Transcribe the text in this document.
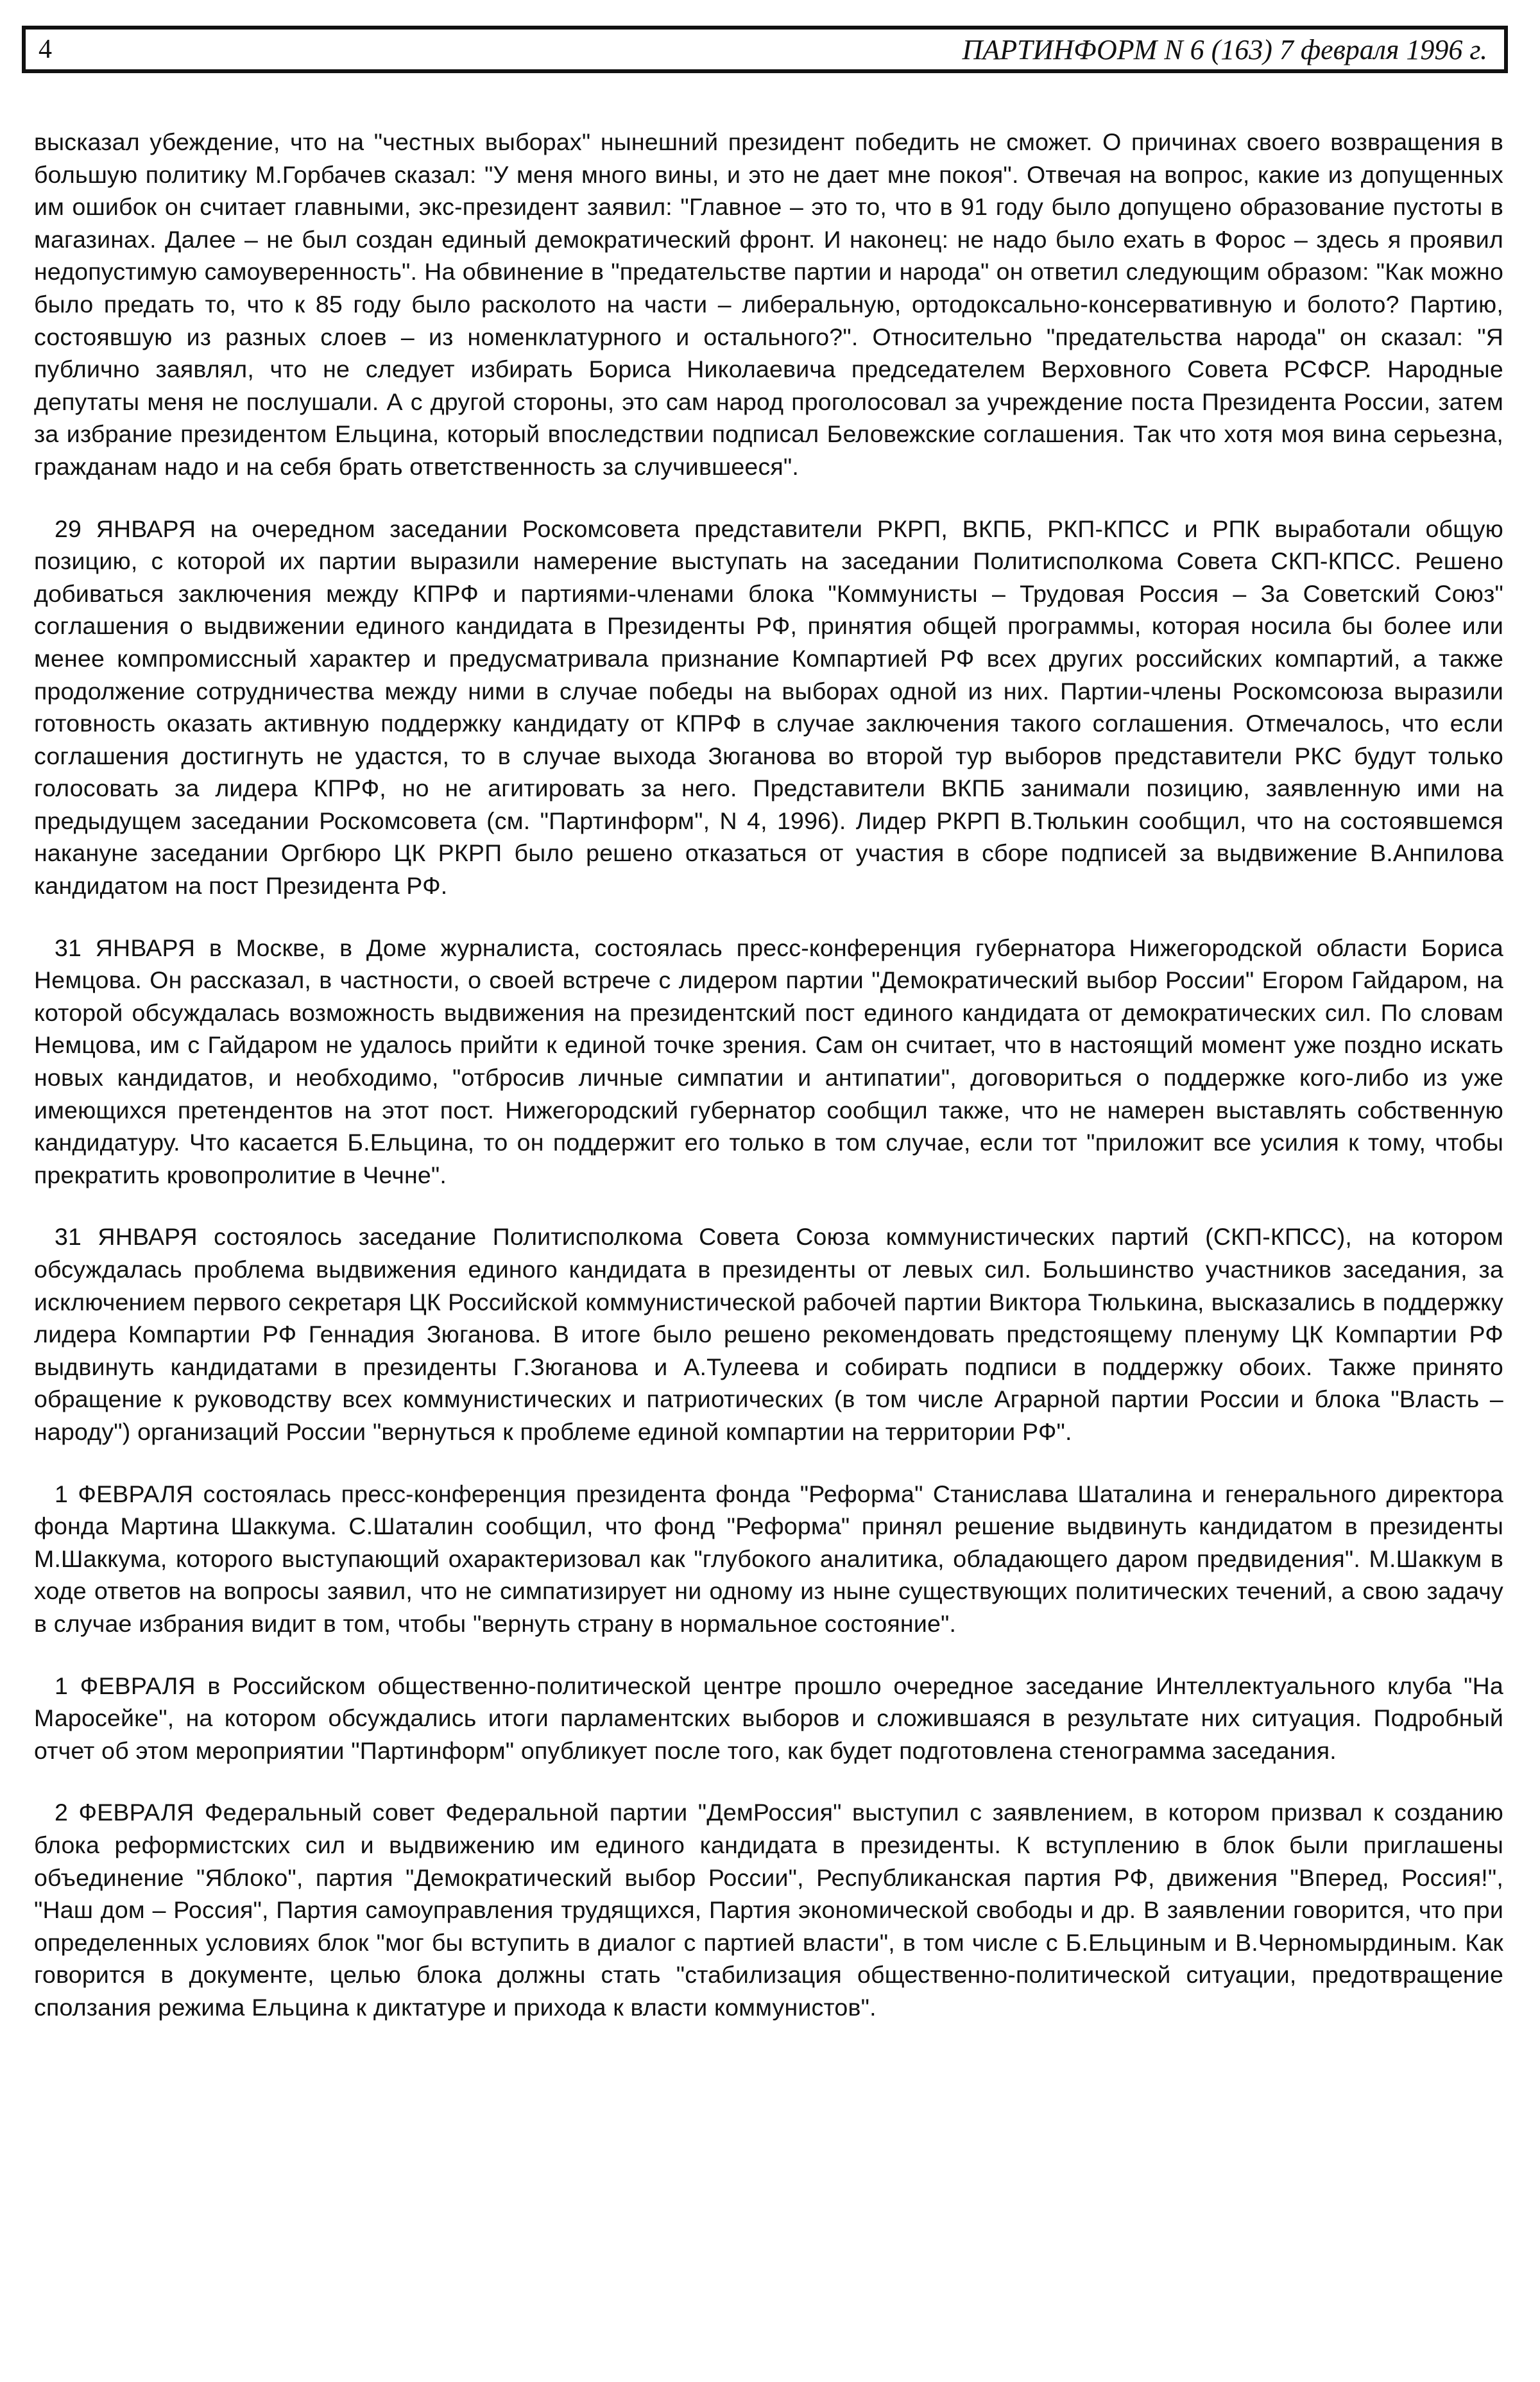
4	ПАРТИНФОРМ N 6 (163) 7 февраля 1996 г.

высказал убеждение, что на "честных выборах" нынешний президент победить не сможет. О причинах своего возвращения в большую политику М.Горбачев сказал: "У меня много вины, и это не дает мне покоя". Отвечая на вопрос, какие из допущенных им ошибок он считает главными, экс-президент заявил: "Главное – это то, что в 91 году было допущено образование пустоты в магазинах. Далее – не был создан единый демократический фронт. И наконец: не надо было ехать в Форос – здесь я проявил недопустимую самоуверенность". На обвинение в "предательстве партии и народа" он ответил следующим образом: "Как можно было предать то, что к 85 году было расколото на части – либеральную, ортодоксально-консервативную и болото? Партию, состоявшую из разных слоев – из номенклатурного и остального?". Относительно "предательства народа" он сказал: "Я публично заявлял, что не следует избирать Бориса Николаевича председателем Верховного Совета РСФСР. Народные депутаты меня не послушали. А с другой стороны, это сам народ проголосовал за учреждение поста Президента России, затем за избрание президентом Ельцина, который впоследствии подписал Беловежские соглашения. Так что хотя моя вина серьезна, гражданам надо и на себя брать ответственность за случившееся".

29 ЯНВАРЯ на очередном заседании Роскомсовета представители РКРП, ВКПБ, РКП-КПСС и РПК выработали общую позицию, с которой их партии выразили намерение выступать на заседании Политисполкома Совета СКП-КПСС. Решено добиваться заключения между КПРФ и партиями-членами блока "Коммунисты – Трудовая Россия – За Советский Союз" соглашения о выдвижении единого кандидата в Президенты РФ, принятия общей программы, которая носила бы более или менее компромиссный характер и предусматривала признание Компартией РФ всех других российских компартий, а также продолжение сотрудничества между ними в случае победы на выборах одной из них. Партии-члены Роскомсоюза выразили готовность оказать активную поддержку кандидату от КПРФ в случае заключения такого соглашения. Отмечалось, что если соглашения достигнуть не удастся, то в случае выхода Зюганова во второй тур выборов представители РКС будут только голосовать за лидера КПРФ, но не агитировать за него. Представители ВКПБ занимали позицию, заявленную ими на предыдущем заседании Роскомсовета (см. "Партинформ", N 4, 1996). Лидер РКРП В.Тюлькин сообщил, что на состоявшемся накануне заседании Оргбюро ЦК РКРП было решено отказаться от участия в сборе подписей за выдвижение В.Анпилова кандидатом на пост Президента РФ.

31 ЯНВАРЯ в Москве, в Доме журналиста, состоялась пресс-конференция губернатора Нижегородской области Бориса Немцова. Он рассказал, в частности, о своей встрече с лидером партии "Демократический выбор России" Егором Гайдаром, на которой обсуждалась возможность выдвижения на президентский пост единого кандидата от демократических сил. По словам Немцова, им с Гайдаром не удалось прийти к единой точке зрения. Сам он считает, что в настоящий момент уже поздно искать новых кандидатов, и необходимо, "отбросив личные симпатии и антипатии", договориться о поддержке кого-либо из уже имеющихся претендентов на этот пост. Нижегородский губернатор сообщил также, что не намерен выставлять собственную кандидатуру. Что касается Б.Ельцина, то он поддержит его только в том случае, если тот "приложит все усилия к тому, чтобы прекратить кровопролитие в Чечне".

31 ЯНВАРЯ состоялось заседание Политисполкома Совета Союза коммунистических партий (СКП-КПСС), на котором обсуждалась проблема выдвижения единого кандидата в президенты от левых сил. Большинство участников заседания, за исключением первого секретаря ЦК Российской коммунистической рабочей партии Виктора Тюлькина, высказались в поддержку лидера Компартии РФ Геннадия Зюганова. В итоге было решено рекомендовать предстоящему пленуму ЦК Компартии РФ выдвинуть кандидатами в президенты Г.Зюганова и А.Тулеева и собирать подписи в поддержку обоих. Также принято обращение к руководству всех коммунистических и патриотических (в том числе Аграрной партии России и блока "Власть – народу") организаций России "вернуться к проблеме единой компартии на территории РФ".

1 ФЕВРАЛЯ состоялась пресс-конференция президента фонда "Реформа" Станислава Шаталина и генерального директора фонда Мартина Шаккума. С.Шаталин сообщил, что фонд "Реформа" принял решение выдвинуть кандидатом в президенты М.Шаккума, которого выступающий охарактеризовал как "глубокого аналитика, обладающего даром предвидения". М.Шаккум в ходе ответов на вопросы заявил, что не симпатизирует ни одному из ныне существующих политических течений, а свою задачу в случае избрания видит в том, чтобы "вернуть страну в нормальное состояние".

1 ФЕВРАЛЯ в Российском общественно-политической центре прошло очередное заседание Интеллектуального клуба "На Маросейке", на котором обсуждались итоги парламентских выборов и сложившаяся в результате них ситуация. Подробный отчет об этом мероприятии "Партинформ" опубликует после того, как будет подготовлена стенограмма заседания.

2 ФЕВРАЛЯ Федеральный совет Федеральной партии "ДемРоссия" выступил с заявлением, в котором призвал к созданию блока реформистских сил и выдвижению им единого кандидата в президенты. К вступлению в блок были приглашены объединение "Яблоко", партия "Демократический выбор России", Республиканская партия РФ, движения "Вперед, Россия!", "Наш дом – Россия", Партия самоуправления трудящихся, Партия экономической свободы и др. В заявлении говорится, что при определенных условиях блок "мог бы вступить в диалог с партией власти", в том числе с Б.Ельциным и В.Черномырдиным. Как говорится в документе, целью блока должны стать "стабилизация общественно-политической ситуации, предотвращение сползания режима Ельцина к диктатуре и прихода к власти коммунистов".
